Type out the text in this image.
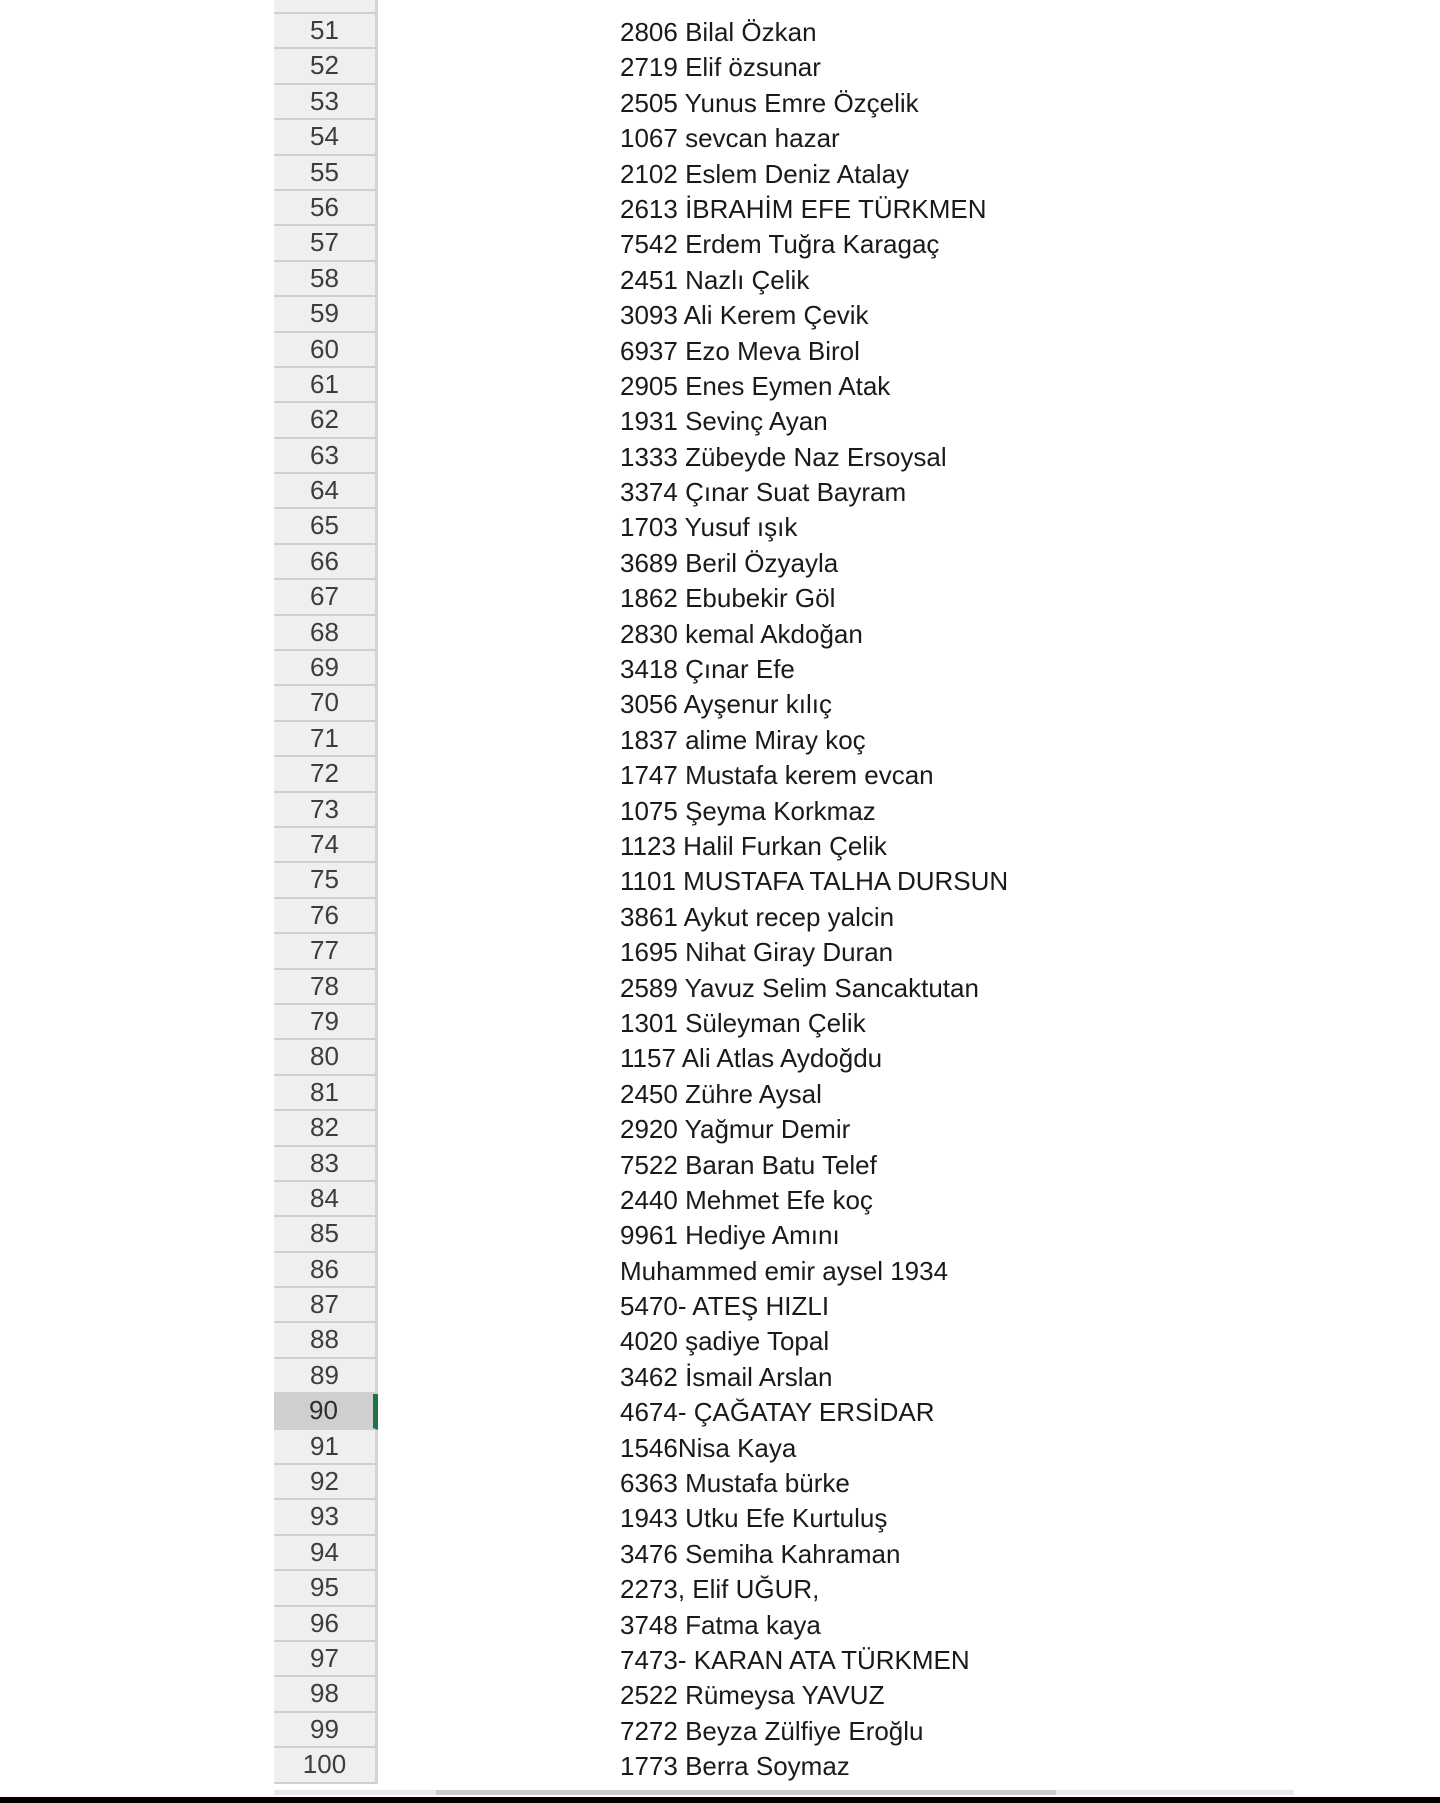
51	2806 Bilal Özkan
52	2719 Elif özsunar
53	2505 Yunus Emre Özçelik
54	1067 sevcan hazar
55	2102 Eslem Deniz Atalay
56	2613 İBRAHİM EFE TÜRKMEN
57	7542 Erdem Tuğra Karagaç
58	2451 Nazlı Çelik
59	3093 Ali Kerem Çevik
60	6937 Ezo Meva Birol
61	2905 Enes Eymen Atak
62	1931 Sevinç Ayan
63	1333 Zübeyde Naz Ersoysal
64	3374 Çınar Suat Bayram
65	1703 Yusuf ışık
66	3689 Beril Özyayla
67	1862 Ebubekir Göl
68	2830 kemal Akdoğan
69	3418 Çınar Efe
70	3056 Ayşenur kılıç
71	1837 alime Miray koç
72	1747 Mustafa kerem evcan
73	1075 Şeyma Korkmaz
74	1123 Halil Furkan Çelik
75	1101 MUSTAFA TALHA DURSUN
76	3861 Aykut recep yalcin
77	1695 Nihat Giray Duran
78	2589 Yavuz Selim Sancaktutan
79	1301 Süleyman Çelik
80	1157 Ali Atlas Aydoğdu
81	2450 Zühre Aysal
82	2920 Yağmur Demir
83	7522 Baran Batu Telef
84	2440 Mehmet Efe koç
85	9961 Hediye Amını
86	Muhammed emir aysel 1934
87	5470- ATEŞ HIZLI
88	4020 şadiye Topal
89	3462 İsmail Arslan
90	4674- ÇAĞATAY ERSİDAR
91	1546Nisa Kaya
92	6363 Mustafa bürke
93	1943 Utku Efe Kurtuluş
94	3476 Semiha Kahraman
95	2273, Elif UĞUR,
96	3748 Fatma kaya
97	7473- KARAN ATA TÜRKMEN
98	2522 Rümeysa YAVUZ
99	7272 Beyza Zülfiye Eroğlu
100	1773 Berra Soymaz
